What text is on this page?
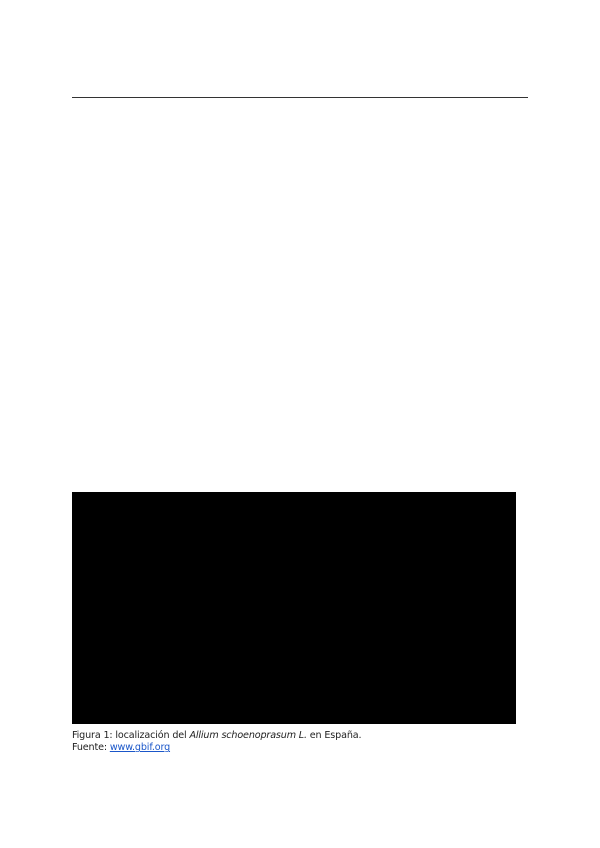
Figura 1: localización del Allium schoenoprasum L. en España.

Fuente: www.gbif.org
